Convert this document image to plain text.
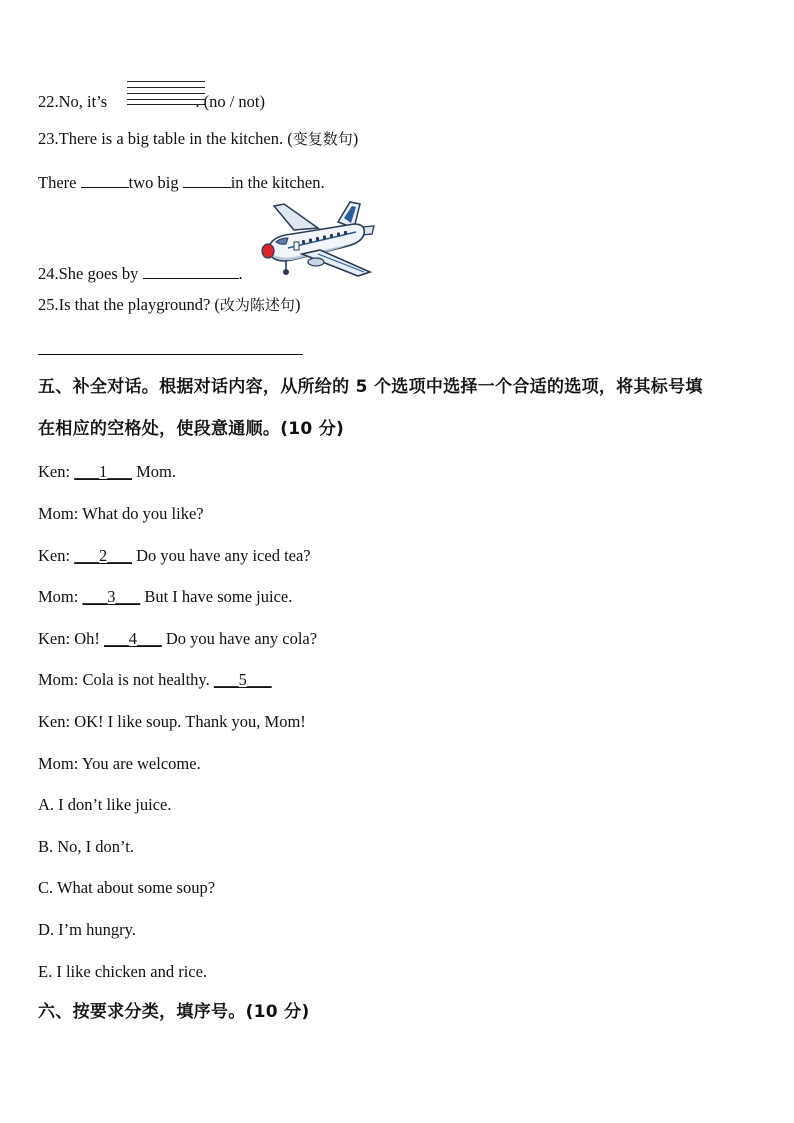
22.No, it’s	. (no / not)
23.There is a big table in the kitchen. (变复数句)
There	two big	in the kitchen.
24.She goes by	.
25.Is that the playground? (改为陈述句)
五、补全对话。根据对话内容，从所给的 5 个选项中选择一个合适的选项，将其标号填
在相应的空格处，使段意通顺。(10 分)
Ken: ___1___ Mom.
Mom: What do you like?
Ken: ___2___ Do you have any iced tea?
Mom: ___3___ But I have some juice.
Ken: Oh! ___4___ Do you have any cola?
Mom: Cola is not healthy. ___5___
Ken: OK! I like soup. Thank you, Mom!
Mom: You are welcome.
A. I don’t like juice.
B. No, I don’t.
C. What about some soup?
D. I’m hungry.
E. I like chicken and rice.
六、按要求分类，填序号。(10 分)
